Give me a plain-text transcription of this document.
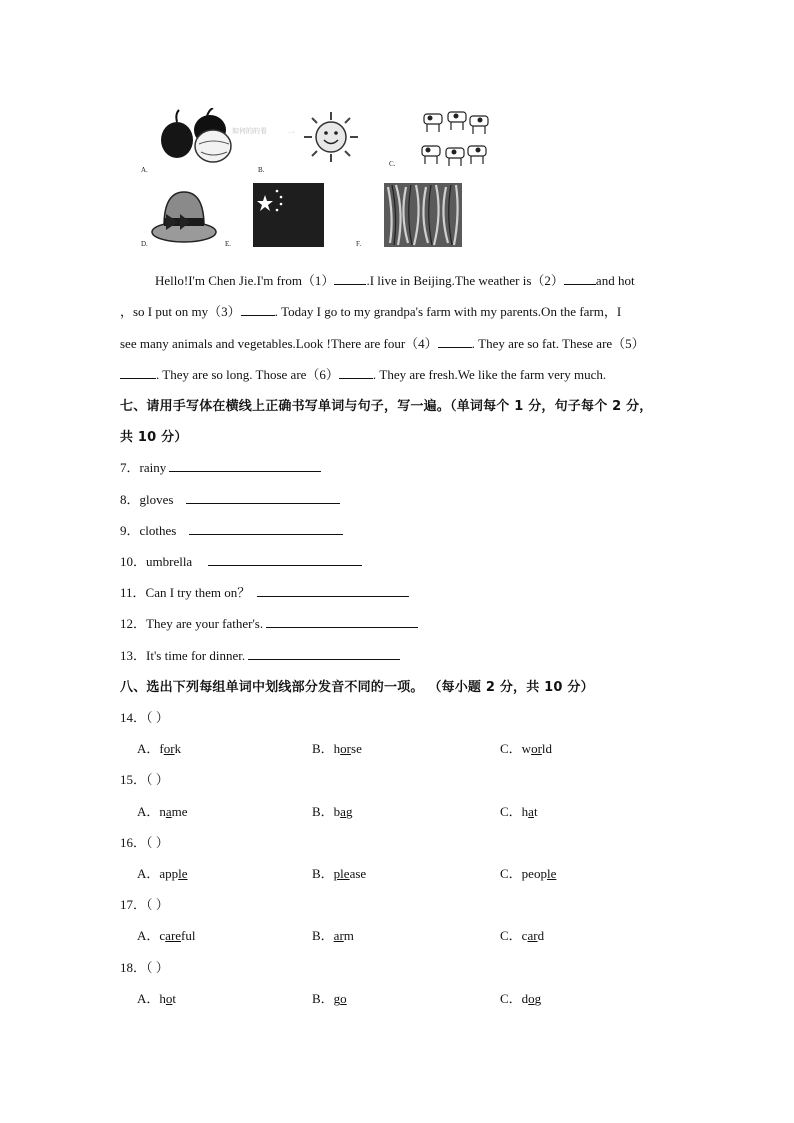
如何的的看
A.
一
B.
C.
D.	E.	F.
Hello!I'm Chen Jie.I'm from（1） .I live in Beijing.The weather is（2） and hot
，so I put on my（3）	. Today I go to my grandpa's farm with my parents.On the farm，I
see many animals and vegetables.Look !There are four（4）	. They are so fat. These are（5）
. They are so long. Those are（6）	. They are fresh.We like the farm very much.
七、请用手写体在横线上正确书写单词与句子，写一遍。（单词每个 1 分，句子每个 2 分，
共 10 分）
7．rainy
8．gloves
9．clothes
10．umbrella
11．Can I try them on？
12．They are your father's.
13．It's time for dinner.
八、选出下列每组单词中划线部分发音不同的一项。 （每小题 2 分，共 10 分）
14．（ ）
A．fork	B．horse	C．world
15．（ ）
A．name	B．bag	C．hat
16．（ ）
A．apple	B．please	C．people
17．（ ）
A．careful	B．arm	C．card
18．（ ）
A．hot	B．go	C．dog
